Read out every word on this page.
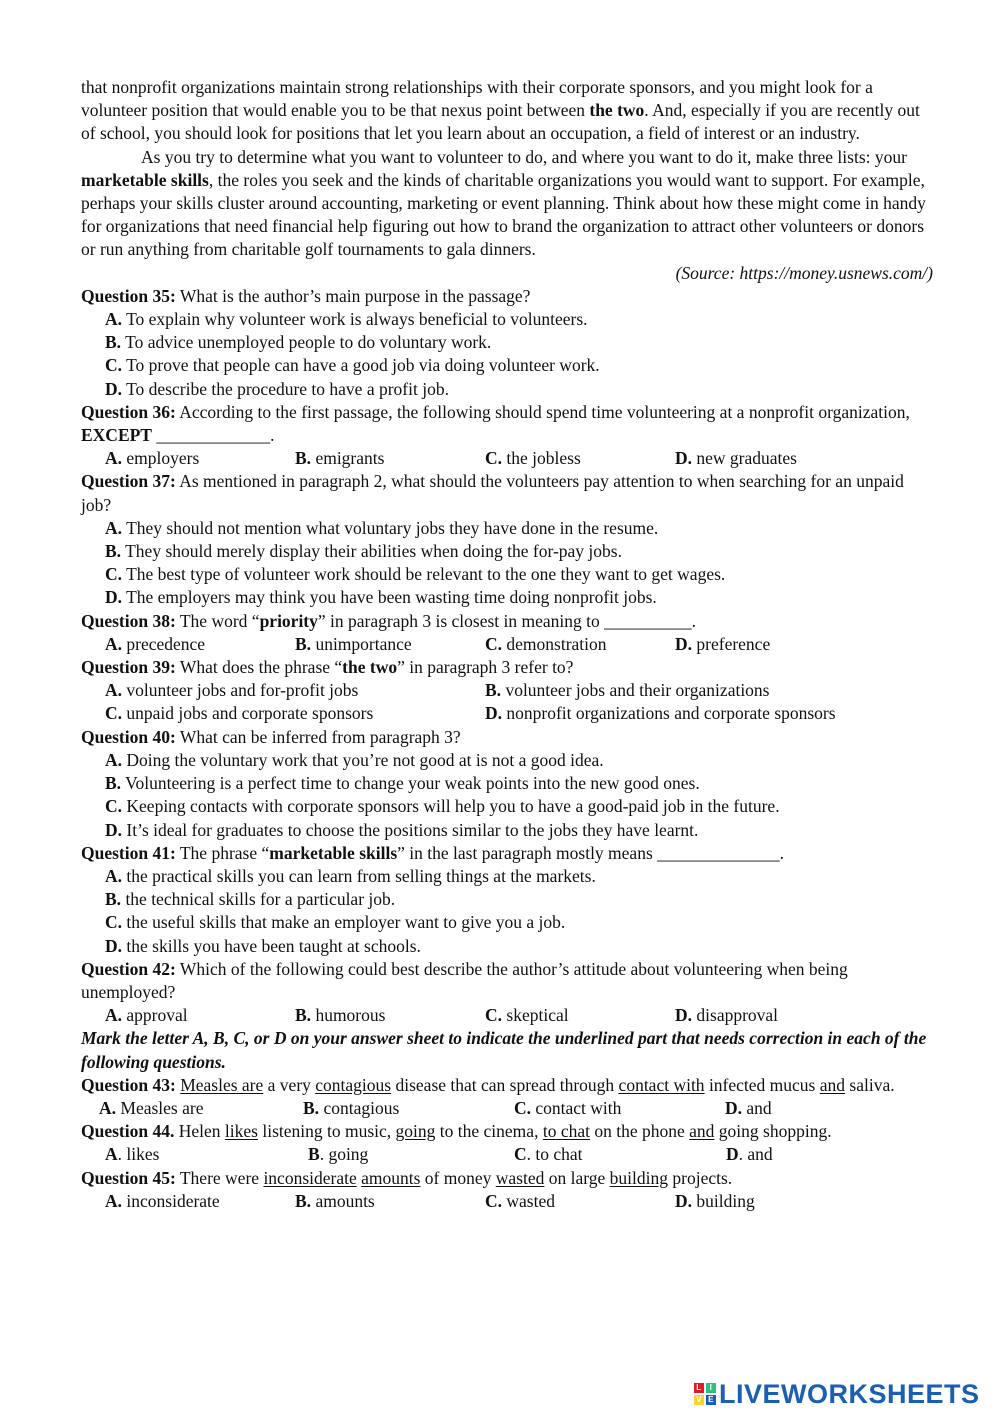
that nonprofit organizations maintain strong relationships with their corporate sponsors, and you might look for a volunteer position that would enable you to be that nexus point between the two. And, especially if you are recently out of school, you should look for positions that let you learn about an occupation, a field of interest or an industry.

As you try to determine what you want to volunteer to do, and where you want to do it, make three lists: your marketable skills, the roles you seek and the kinds of charitable organizations you would want to support. For example, perhaps your skills cluster around accounting, marketing or event planning. Think about how these might come in handy for organizations that need financial help figuring out how to brand the organization to attract other volunteers or donors or run anything from charitable golf tournaments to gala dinners.

(Source: https://money.usnews.com/)

Question 35: What is the author’s main purpose in the passage?

A. To explain why volunteer work is always beneficial to volunteers.

B. To advice unemployed people to do voluntary work.

C. To prove that people can have a good job via doing volunteer work.

D. To describe the procedure to have a profit job.

Question 36: According to the first passage, the following should spend time volunteering at a nonprofit organization, EXCEPT _____________.

A. employers	B. emigrants	C. the jobless	D. new graduates

Question 37: As mentioned in paragraph 2, what should the volunteers pay attention to when searching for an unpaid job?

A. They should not mention what voluntary jobs they have done in the resume.

B. They should merely display their abilities when doing the for-pay jobs.

C. The best type of volunteer work should be relevant to the one they want to get wages.

D. The employers may think you have been wasting time doing nonprofit jobs.

Question 38: The word “priority” in paragraph 3 is closest in meaning to __________.

A. precedence	B. unimportance	C. demonstration	D. preference

Question 39: What does the phrase “the two” in paragraph 3 refer to?

A. volunteer jobs and for-profit jobs	B. volunteer jobs and their organizations
C. unpaid jobs and corporate sponsors	D. nonprofit organizations and corporate sponsors

Question 40: What can be inferred from paragraph 3?

A. Doing the voluntary work that you’re not good at is not a good idea.

B. Volunteering is a perfect time to change your weak points into the new good ones.

C. Keeping contacts with corporate sponsors will help you to have a good-paid job in the future.

D. It’s ideal for graduates to choose the positions similar to the jobs they have learnt.

Question 41: The phrase “marketable skills” in the last paragraph mostly means ______________.

A. the practical skills you can learn from selling things at the markets.

B. the technical skills for a particular job.

C. the useful skills that make an employer want to give you a job.

D. the skills you have been taught at schools.

Question 42: Which of the following could best describe the author’s attitude about volunteering when being unemployed?

A. approval	B. humorous	C. skeptical	D. disapproval

Mark the letter A, B, C, or D on your answer sheet to indicate the underlined part that needs correction in each of the following questions.

Question 43: Measles are a very contagious disease that can spread through contact with infected mucus and saliva.

A. Measles are	B. contagious	C. contact with	D. and

Question 44. Helen likes listening to music, going to the cinema, to chat on the phone and going shopping.

A. likes	B. going	C. to chat	D. and

Question 45: There were inconsiderate amounts of money wasted on large building projects.

A. inconsiderate	B. amounts	C. wasted	D. building
L I
V E LIVEWORKSHEETS
